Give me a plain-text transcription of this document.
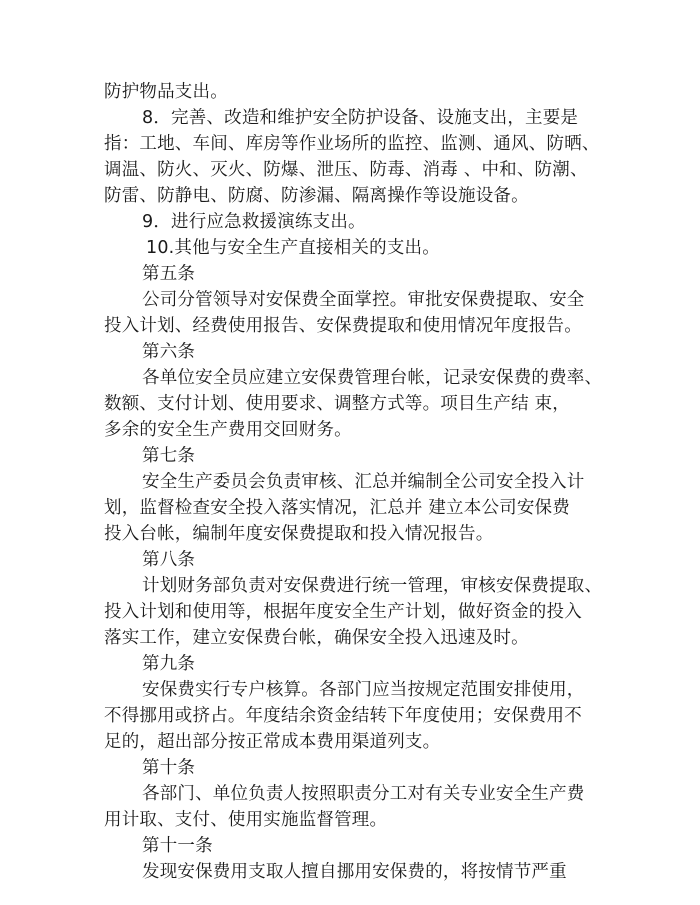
防护物品支出。
8．完善、改造和维护安全防护设备、设施支出，主要是
指：工地、车间、库房等作业场所的监控、监测、通风、防晒、
调温、防火、灭火、防爆、泄压、防毒、消毒 、中和、防潮、
防雷、防静电、防腐、防渗漏、隔离操作等设施设备。
9．进行应急救援演练支出。
10.其他与安全生产直接相关的支出。
第五条
公司分管领导对安保费全面掌控。审批安保费提取、安全
投入计划、经费使用报告、安保费提取和使用情况年度报告。
第六条
各单位安全员应建立安保费管理台帐，记录安保费的费率、
数额、支付计划、使用要求、调整方式等。项目生产结 束，
多余的安全生产费用交回财务。
第七条
安全生产委员会负责审核、汇总并编制全公司安全投入计
划，监督检查安全投入落实情况，汇总并 建立本公司安保费
投入台帐，编制年度安保费提取和投入情况报告。
第八条
计划财务部负责对安保费进行统一管理，审核安保费提取、
投入计划和使用等，根据年度安全生产计划，做好资金的投入
落实工作，建立安保费台帐，确保安全投入迅速及时。
第九条
安保费实行专户核算。各部门应当按规定范围安排使用，
不得挪用或挤占。年度结余资金结转下年度使用；安保费用不
足的，超出部分按正常成本费用渠道列支。
第十条
各部门、单位负责人按照职责分工对有关专业安全生产费
用计取、支付、使用实施监督管理。
第十一条
发现安保费用支取人擅自挪用安保费的，将按情节严重
